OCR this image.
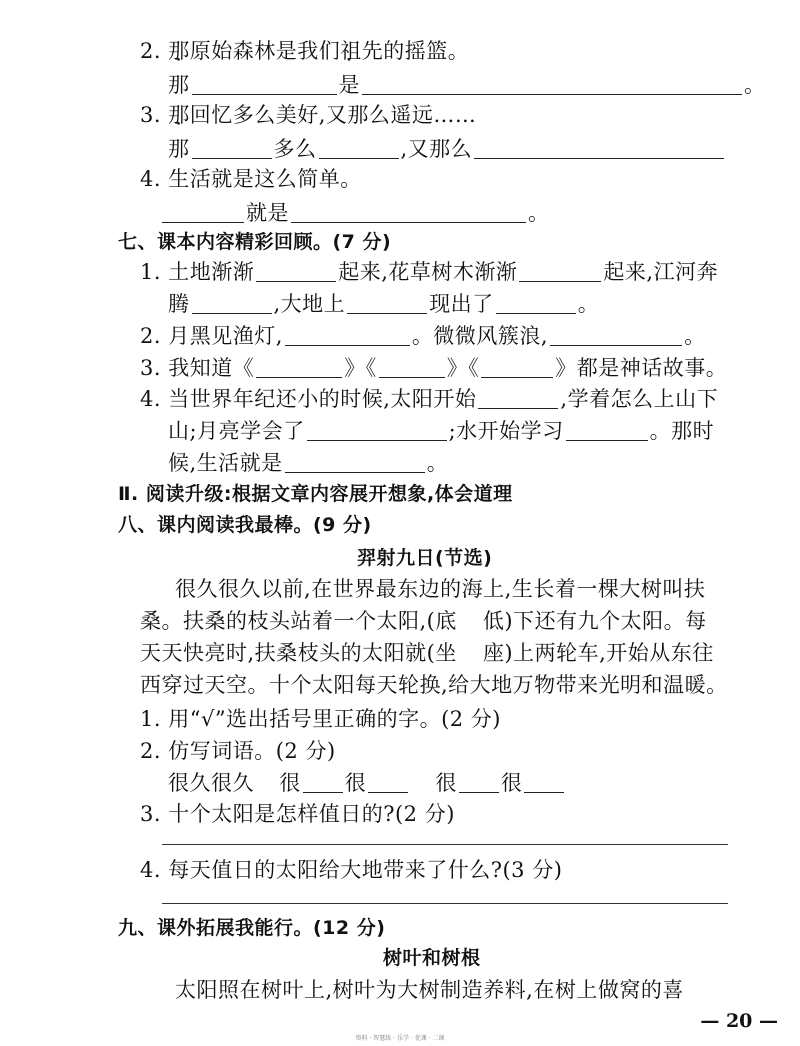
2. 那原始森林是我们祖先的摇篮。
那	是	。
3. 那回忆多么美好,又那么遥远……
那	多么	,又那么
4. 生活就是这么简单。
就是	。
七、课本内容精彩回顾。(7 分)
1. 土地渐渐	起来,花草树木渐渐	起来,江河奔
腾	,大地上	现出了	。
2. 月黑见渔灯,	。微微风簇浪,	。
3. 我知道《	》《	》《	》都是神话故事。
4. 当世界年纪还小的时候,太阳开始	,学着怎么上山下
山;月亮学会了	;水开始学习	。那时
候,生活就是	。
Ⅱ. 阅读升级:根据文章内容展开想象,体会道理
八、课内阅读我最棒。(9 分)
羿射九日(节选)
很久很久以前,在世界最东边的海上,生长着一棵大树叫扶
桑。扶桑的枝头站着一个太阳,(底 低)下还有九个太阳。每
天天快亮时,扶桑枝头的太阳就(坐 座)上两轮车,开始从东往
西穿过天空。十个太阳每天轮换,给大地万物带来光明和温暖。
1. 用“√”选出括号里正确的字。(2 分)
2. 仿写词语。(2 分)
很久很久 很 很	很 很
3. 十个太阳是怎样值日的?(2 分)
4. 每天值日的太阳给大地带来了什么?(3 分)
九、课外拓展我能行。(12 分)
树叶和树根
太阳照在树叶上,树叶为大树制造养料,在树上做窝的喜
— 20 —
资料 · 智慧练 · 乐学 · 优课 · 二课
